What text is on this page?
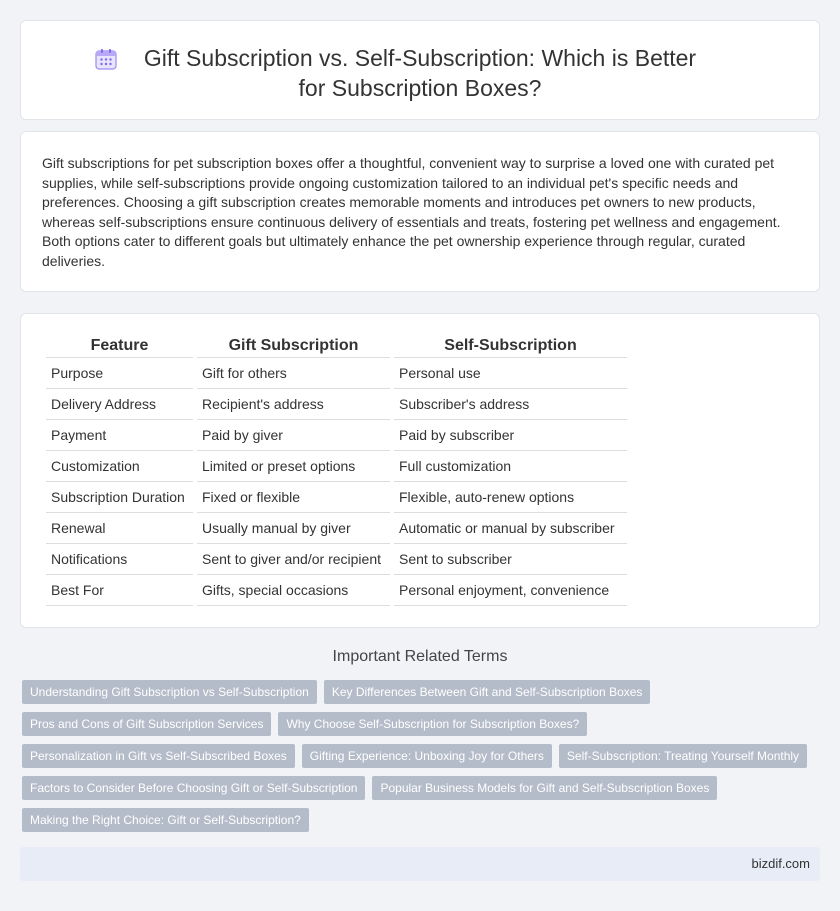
Gift Subscription vs. Self-Subscription: Which is Better for Subscription Boxes?

Gift subscriptions for pet subscription boxes offer a thoughtful, convenient way to surprise a loved one with curated pet supplies, while self-subscriptions provide ongoing customization tailored to an individual pet's specific needs and preferences. Choosing a gift subscription creates memorable moments and introduces pet owners to new products, whereas self-subscriptions ensure continuous delivery of essentials and treats, fostering pet wellness and engagement. Both options cater to different goals but ultimately enhance the pet ownership experience through regular, curated deliveries.

Feature	Gift Subscription	Self-Subscription
Purpose	Gift for others	Personal use
Delivery Address	Recipient's address	Subscriber's address
Payment	Paid by giver	Paid by subscriber
Customization	Limited or preset options	Full customization
Subscription Duration	Fixed or flexible	Flexible, auto-renew options
Renewal	Usually manual by giver	Automatic or manual by subscriber
Notifications	Sent to giver and/or recipient	Sent to subscriber
Best For	Gifts, special occasions	Personal enjoyment, convenience
Important Related Terms
Understanding Gift Subscription vs Self-Subscription	Key Differences Between Gift and Self-Subscription Boxes
Pros and Cons of Gift Subscription Services	Why Choose Self-Subscription for Subscription Boxes?
Personalization in Gift vs Self-Subscribed Boxes	Gifting Experience: Unboxing Joy for Others	Self-Subscription: Treating Yourself Monthly
Factors to Consider Before Choosing Gift or Self-Subscription	Popular Business Models for Gift and Self-Subscription Boxes
Making the Right Choice: Gift or Self-Subscription?
bizdif.com
